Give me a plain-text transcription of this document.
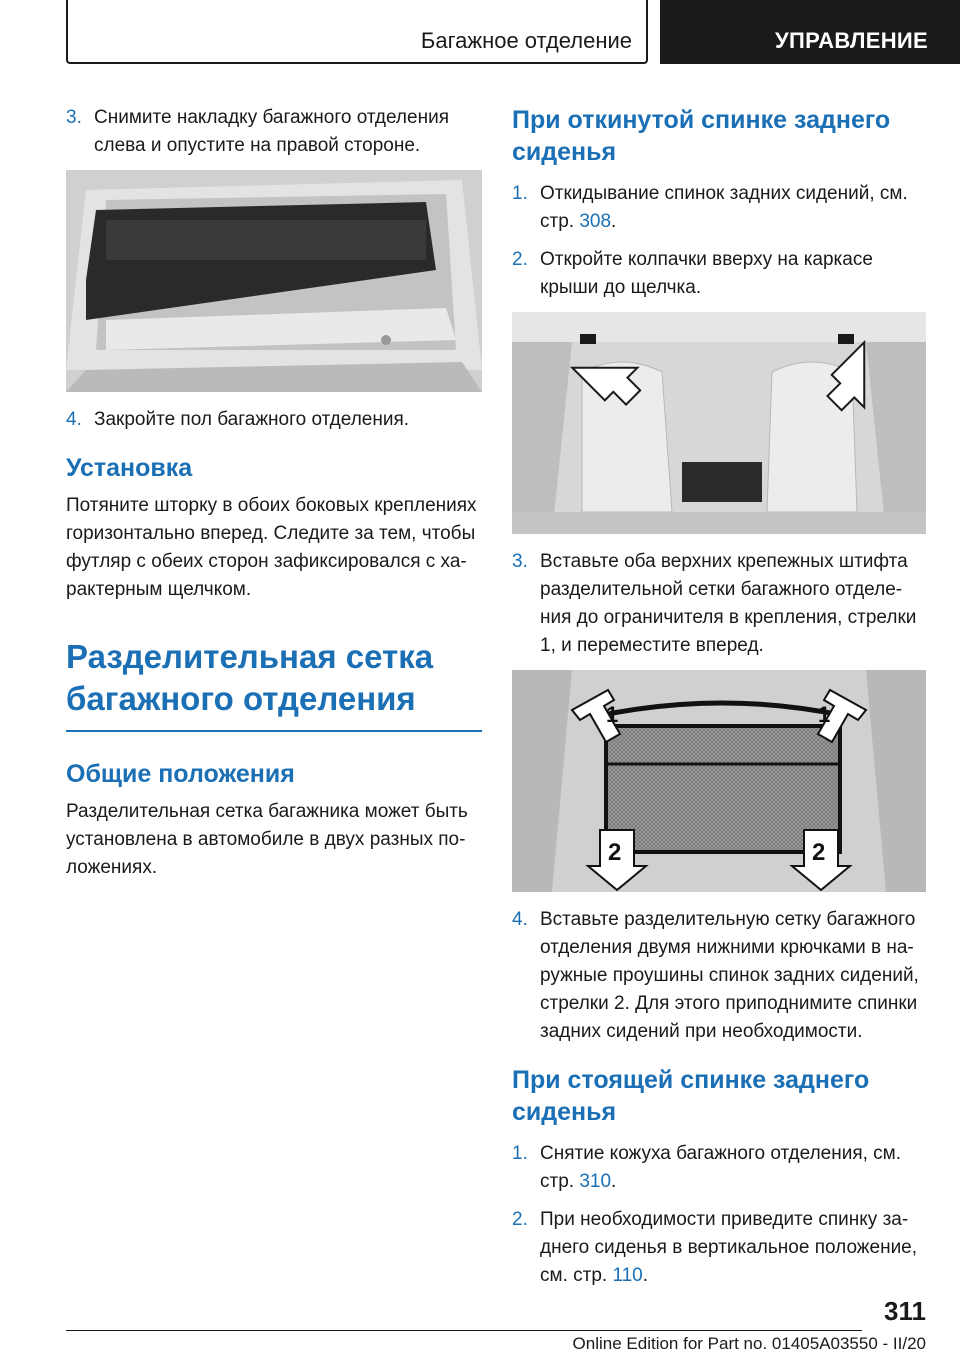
Багажное отделение	УПРАВЛЕНИЕ
3. Снимите накладку багажного отделения слева и опустите на правой стороне.
4. Закройте пол багажного отделения.
Установка

Потяните шторку в обоих боковых креплениях горизонтально вперед. Следите за тем, чтобы футляр с обеих сторон зафиксировался с характерным щелчком.

Разделительная сетка багажного отделения
Общие положения

Разделительная сетка багажника может быть установлена в автомобиле в двух разных положениях.

При откинутой спинке заднего сиденья
1. Откидывание спинок задних сидений, см. стр. 308.
2. Откройте колпачки вверху на каркасе крыши до щелчка.
3. Вставьте оба верхних крепежных штифта разделительной сетки багажного отделения до ограничителя в крепления, стрелки 1, и переместите вперед.
1	1
2	2
4. Вставьте разделительную сетку багажного отделения двумя нижними крючками в наружные проушины спинок задних сидений, стрелки 2. Для этого приподнимите спинки задних сидений при необходимости.
При стоящей спинке заднего сиденья
1. Снятие кожуха багажного отделения, см. стр. 310.
2. При необходимости приведите спинку заднего сиденья в вертикальное положение, см. стр. 110.
311
Online Edition for Part no. 01405A03550 - II/20
